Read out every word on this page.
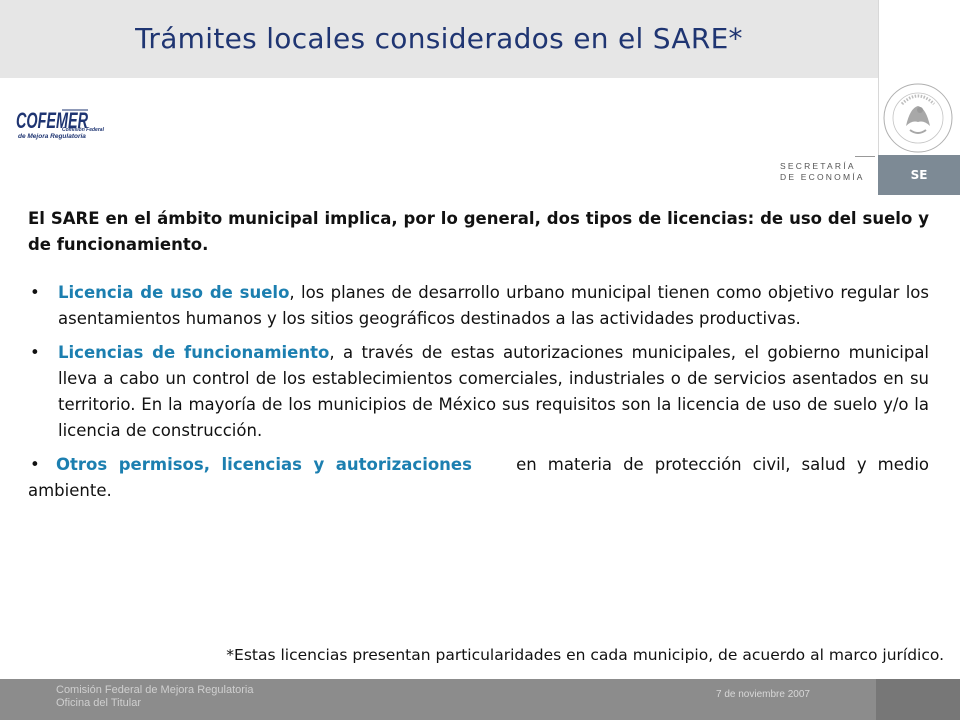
Trámites locales considerados en el SARE*
COFEMER
Comisión Federal
de Mejora Regulatoria
SECRETARÍA
DE ECONOMÍA	SE

El SARE en el ámbito municipal implica, por lo general, dos tipos de licencias: de uso del suelo y de funcionamiento.

• Licencia de uso de suelo, los planes de desarrollo urbano municipal tienen como objetivo regular los asentamientos humanos y los sitios geográficos destinados a las actividades productivas.

• Licencias de funcionamiento, a través de estas autorizaciones municipales, el gobierno municipal lleva a cabo un control de los establecimientos comerciales, industriales o de servicios asentados en su territorio. En la mayoría de los municipios de México sus requisitos son la licencia de uso de suelo y/o la licencia de construcción.

• Otros permisos, licencias y autorizaciones    en materia de protección civil, salud y medio ambiente.

*Estas licencias presentan particularidades en cada municipio, de acuerdo al marco jurídico.
Comisión Federal de Mejora Regulatoria
Oficina del Titular
7 de noviembre 2007
